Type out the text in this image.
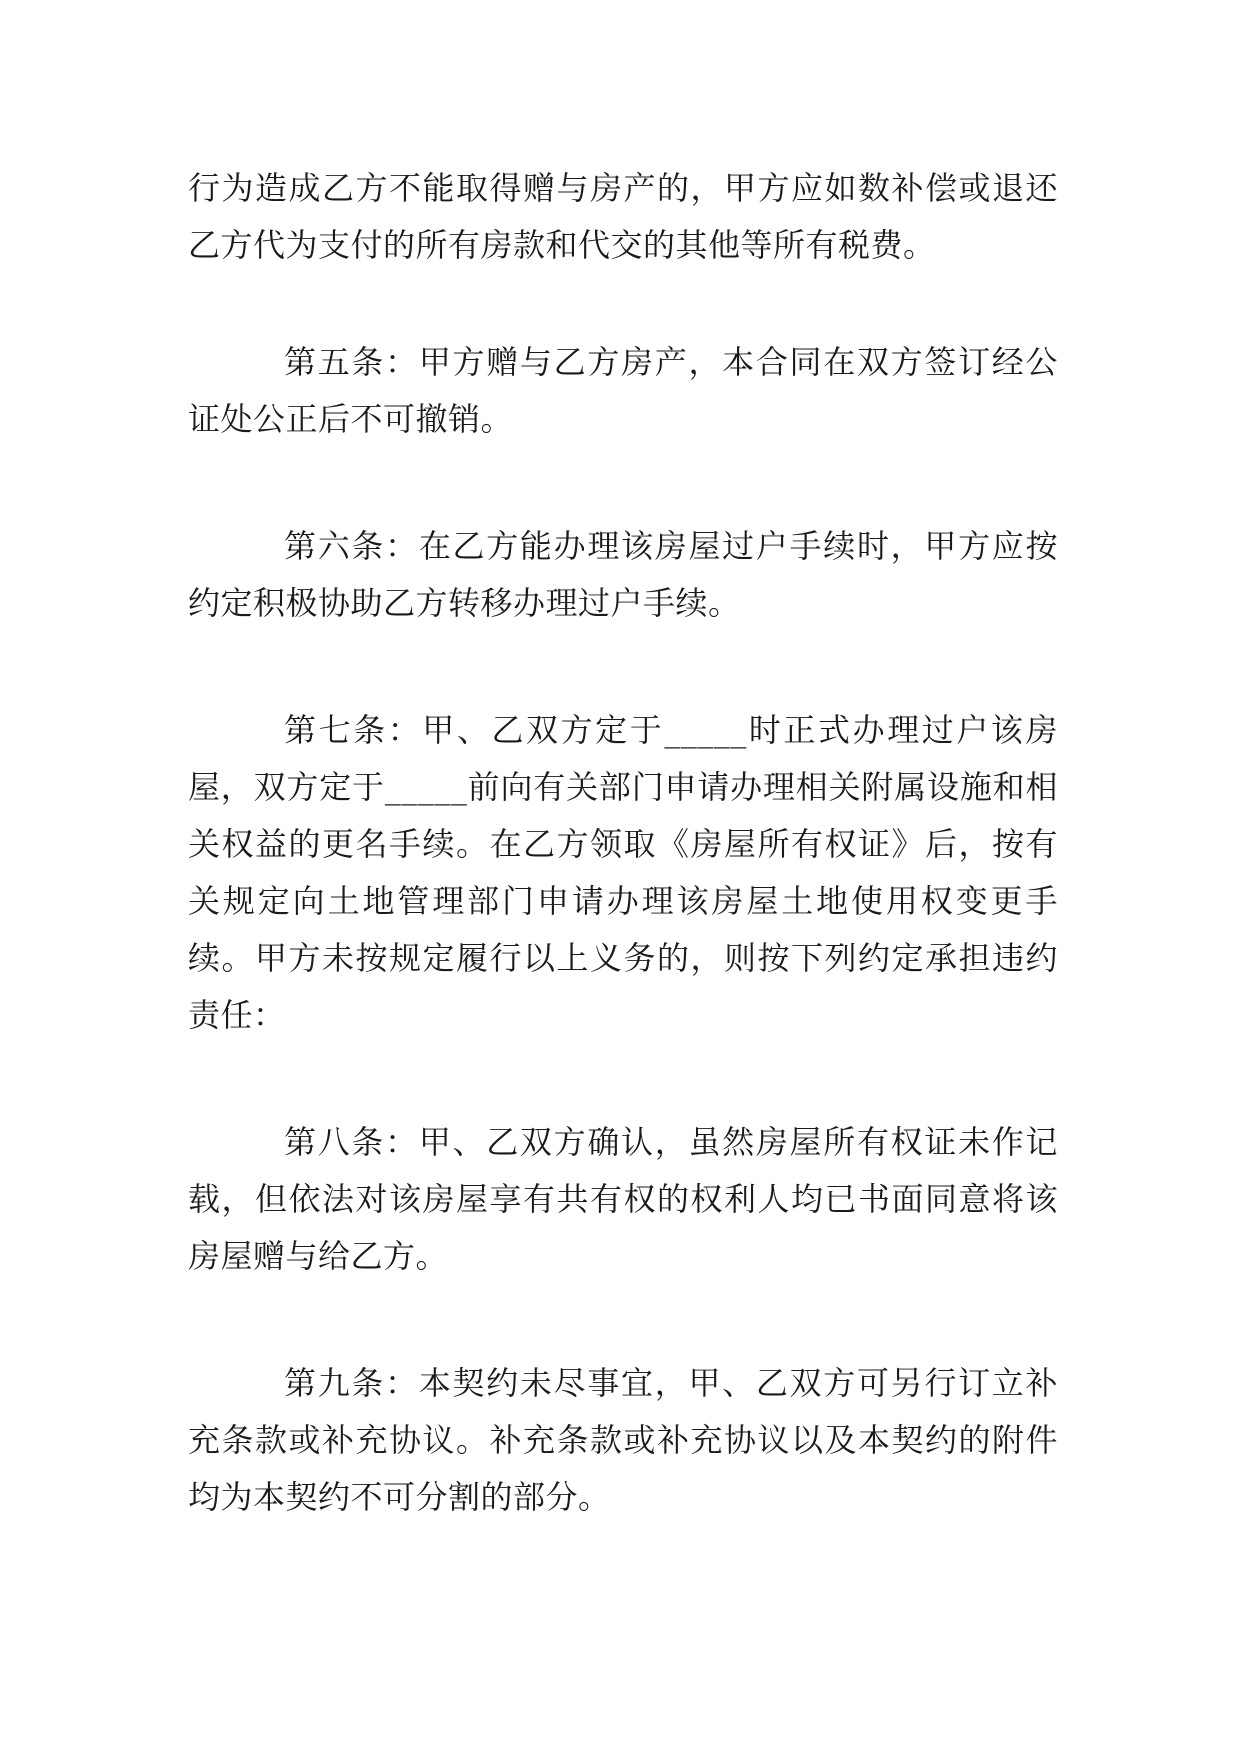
行为造成乙方不能取得赠与房产的，甲方应如数补偿或退还乙方代为支付的所有房款和代交的其他等所有税费。

第五条：甲方赠与乙方房产，本合同在双方签订经公证处公正后不可撤销。

第六条：在乙方能办理该房屋过户手续时，甲方应按约定积极协助乙方转移办理过户手续。

第七条：甲、乙双方定于_____时正式办理过户该房屋，双方定于_____前向有关部门申请办理相关附属设施和相关权益的更名手续。在乙方领取《房屋所有权证》后，按有关规定向土地管理部门申请办理该房屋土地使用权变更手续。甲方未按规定履行以上义务的，则按下列约定承担违约责任：

第八条：甲、乙双方确认，虽然房屋所有权证未作记载，但依法对该房屋享有共有权的权利人均已书面同意将该房屋赠与给乙方。

第九条：本契约未尽事宜，甲、乙双方可另行订立补充条款或补充协议。补充条款或补充协议以及本契约的附件均为本契约不可分割的部分。
